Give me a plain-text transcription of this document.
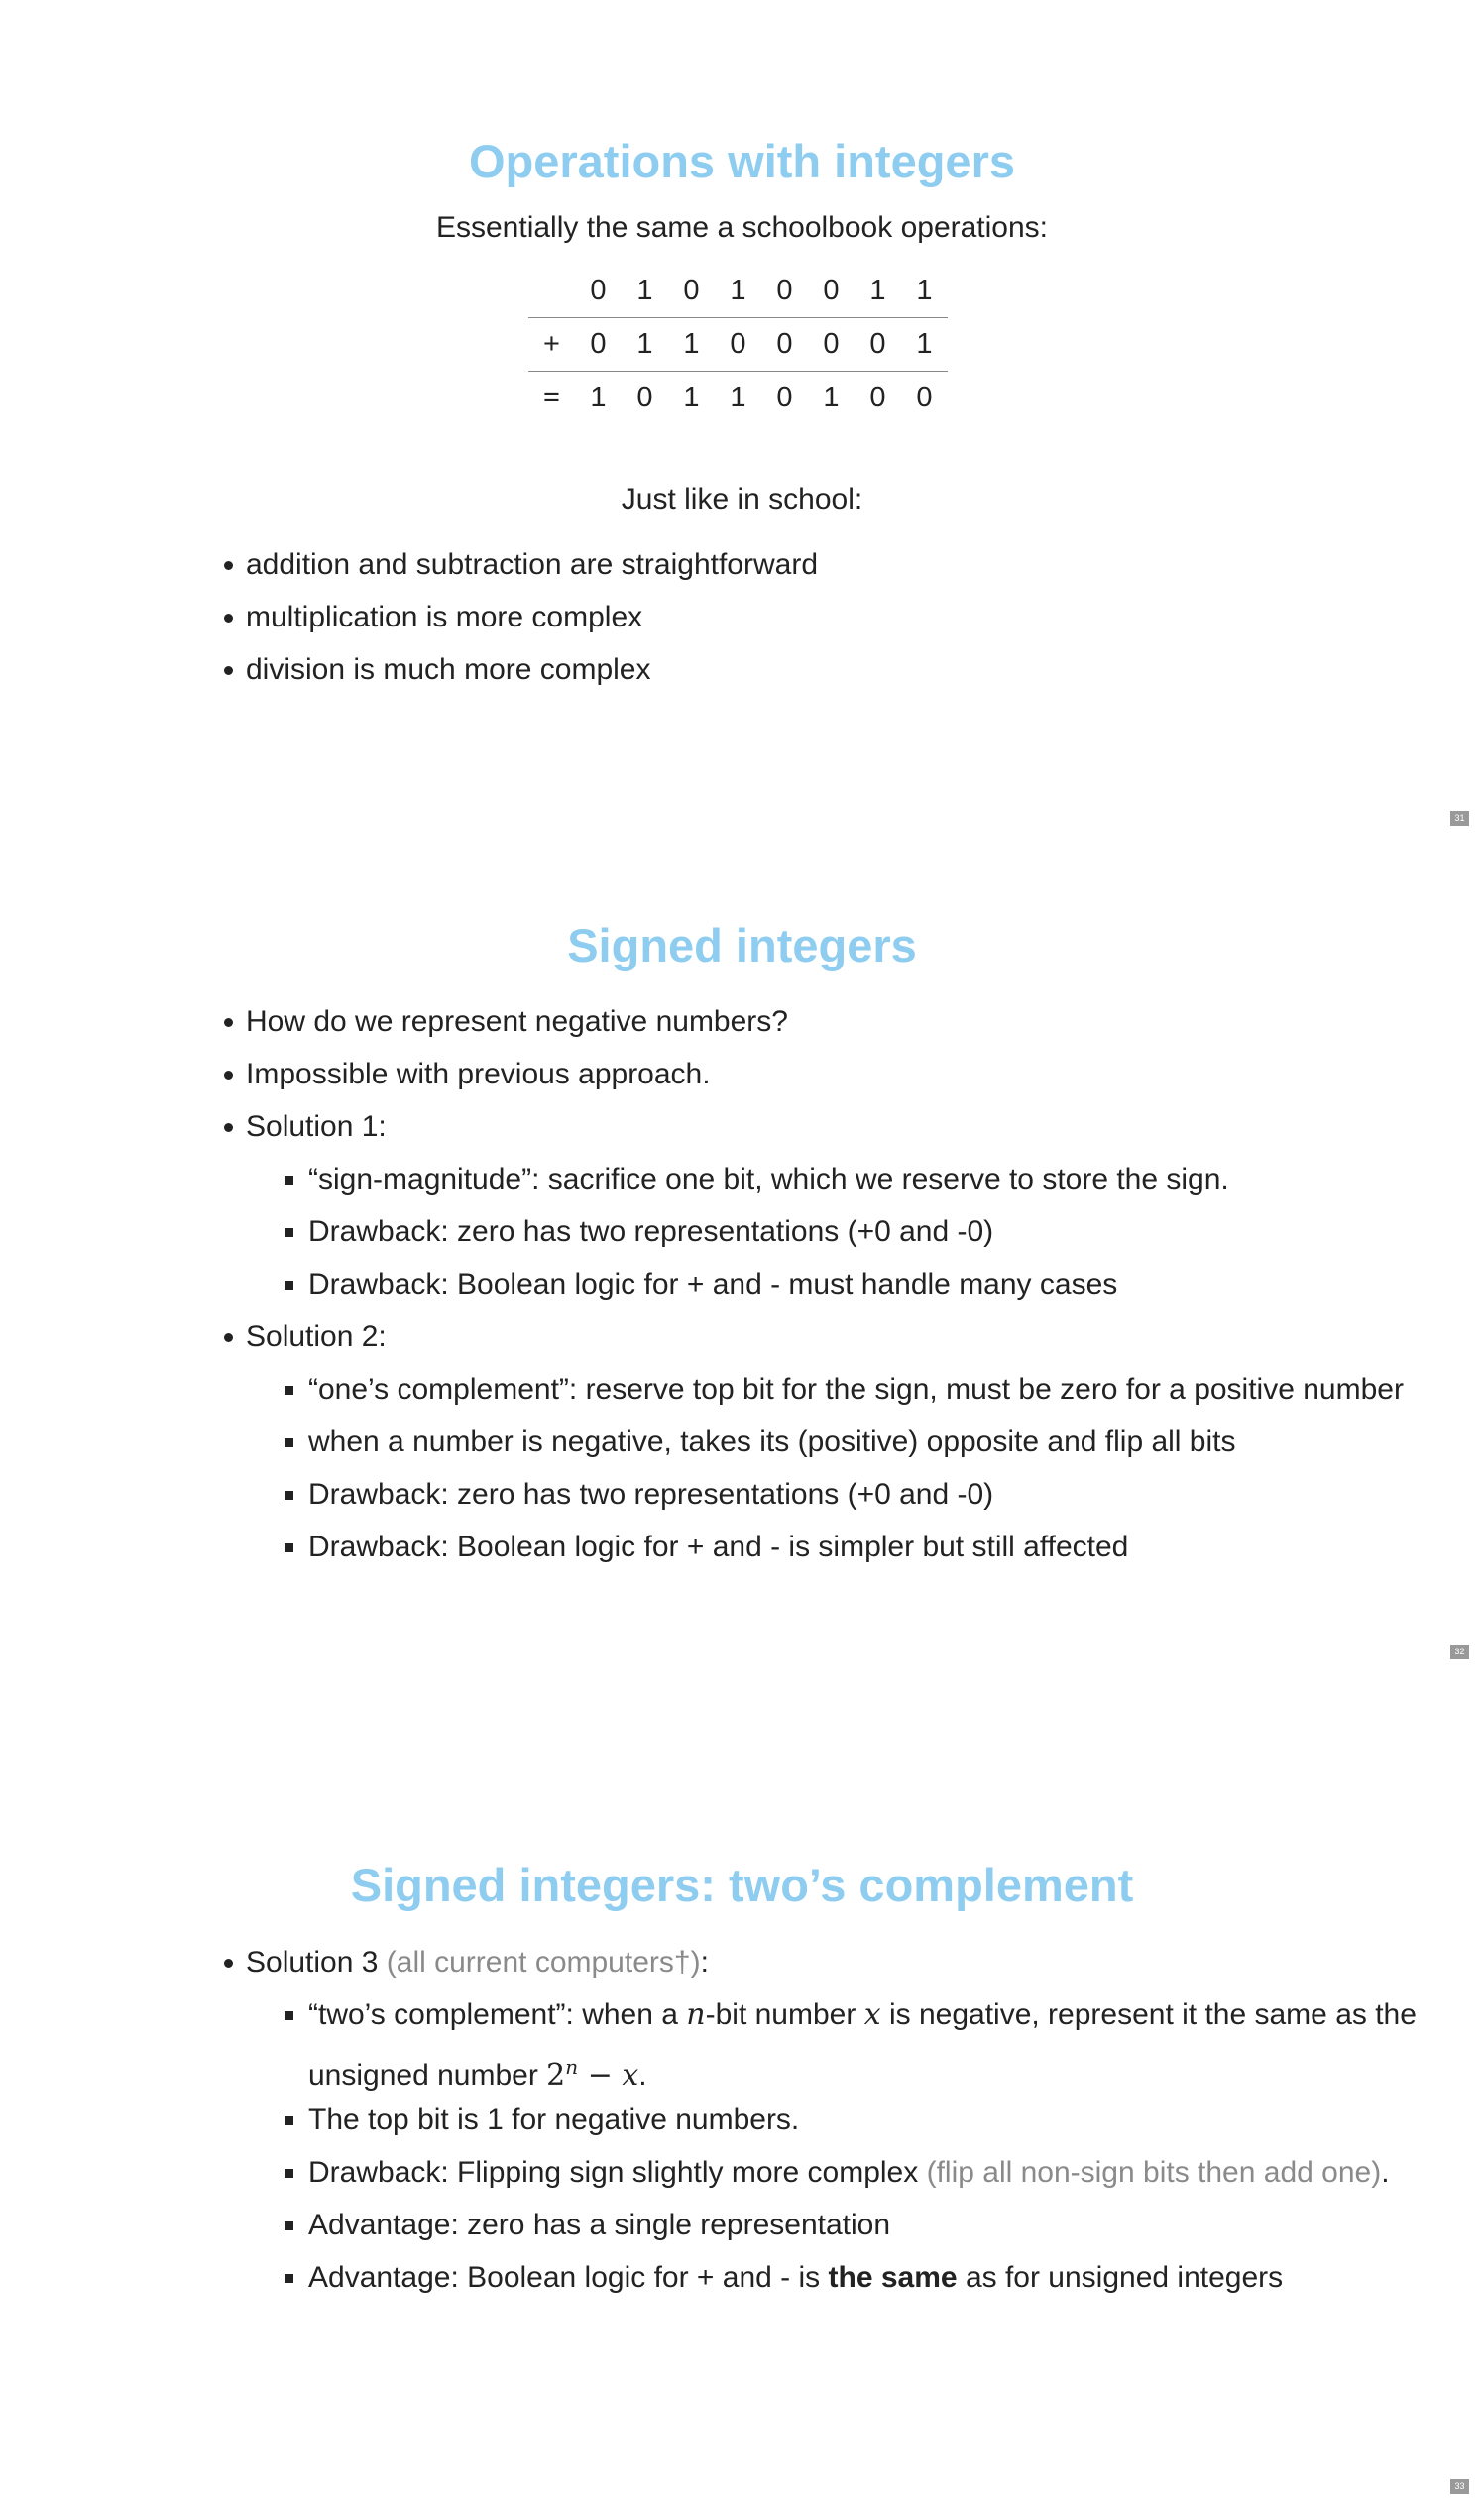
Operations with integers
Essentially the same a schoolbook operations:
	0	1	0	1	0	0	1	1
+	0	1	1	0	0	0	0	1
=	1	0	1	1	0	1	0	0
Just like in school:
addition and subtraction are straightforward
multiplication is more complex
division is much more complex
31
Signed integers
How do we represent negative numbers?
Impossible with previous approach.
Solution 1:
“sign-magnitude”: sacrifice one bit, which we reserve to store the sign.
Drawback: zero has two representations (+0 and -0)
Drawback: Boolean logic for + and - must handle many cases
Solution 2:
“one’s complement”: reserve top bit for the sign, must be zero for a positive number
when a number is negative, takes its (positive) opposite and flip all bits
Drawback: zero has two representations (+0 and -0)
Drawback: Boolean logic for + and - is simpler but still affected
32
Signed integers: two’s complement
Solution 3 (all current computers†):
“two’s complement”: when a n-bit number x is negative, represent it the same as the unsigned number $2^n - x$.
The top bit is 1 for negative numbers.
Drawback: Flipping sign slightly more complex (flip all non-sign bits then add one).
Advantage: zero has a single representation
Advantage: Boolean logic for + and - is the same as for unsigned integers
33
